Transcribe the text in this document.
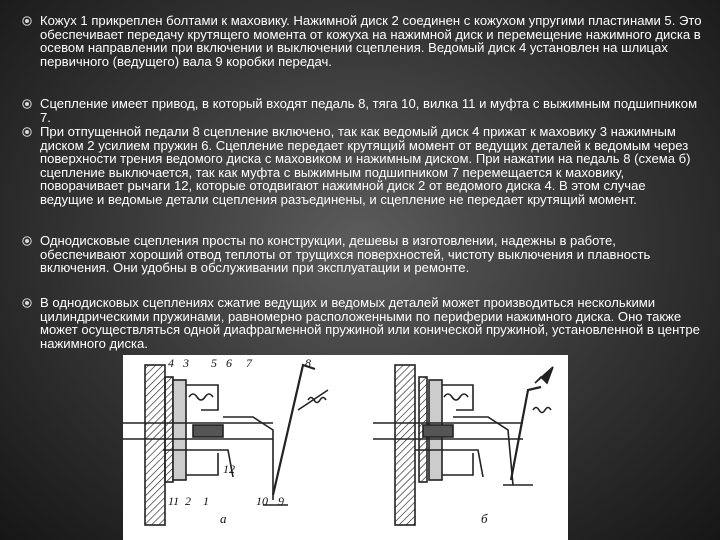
Кожух 1 прикреплен болтами к маховику. Нажимной диск 2 соединен с кожухом упругими пластинами 5. Это обеспечивает передачу крутящего момента от кожуха на нажимной диск и перемещение нажимного диска в осевом направлении при включении и выключении сцепления. Ведомый диск 4 установлен на шлицах первичного (ведущего) вала 9 коробки передач.
Сцепление имеет привод, в который входят педаль 8, тяга 10, вилка 11 и муфта с выжимным подшипником 7.
При отпущенной педали 8 сцепление включено, так как ведомый диск 4 прижат к маховику 3 нажимным диском 2 усилием пружин 6. Сцепление передает крутящий момент от ведущих деталей к ведомым через поверхности трения ведомого диска с маховиком и нажимным диском. При нажатии на педаль 8 (схема б) сцепление выключается, так как муфта с выжимным подшипником 7 перемещается к маховику, поворачивает рычаги 12, которые отодвигают нажимной диск 2 от ведомого диска 4. В этом случае ведущие и ведомые детали сцепления разъединены, и сцепление не передает крутящий момент.
Однодисковые сцепления просты по конструкции, дешевы в изготовлении, надежны в работе, обеспечивают хороший отвод теплоты от трущихся поверхностей, чистоту выключения и плавность включения. Они удобны в обслуживании при эксплуатации и ремонте.
В однодисковых сцеплениях сжатие ведущих и ведомых деталей может производиться несколькими цилиндрическими пружинами, равномерно расположенными по периферии нажимного диска. Оно также может осуществляться одной диафрагменной пружиной или конической пружиной, установленной в центре нажимного диска.
4 3 5 6 7	8
11
12
2 1	10 9
а	б
